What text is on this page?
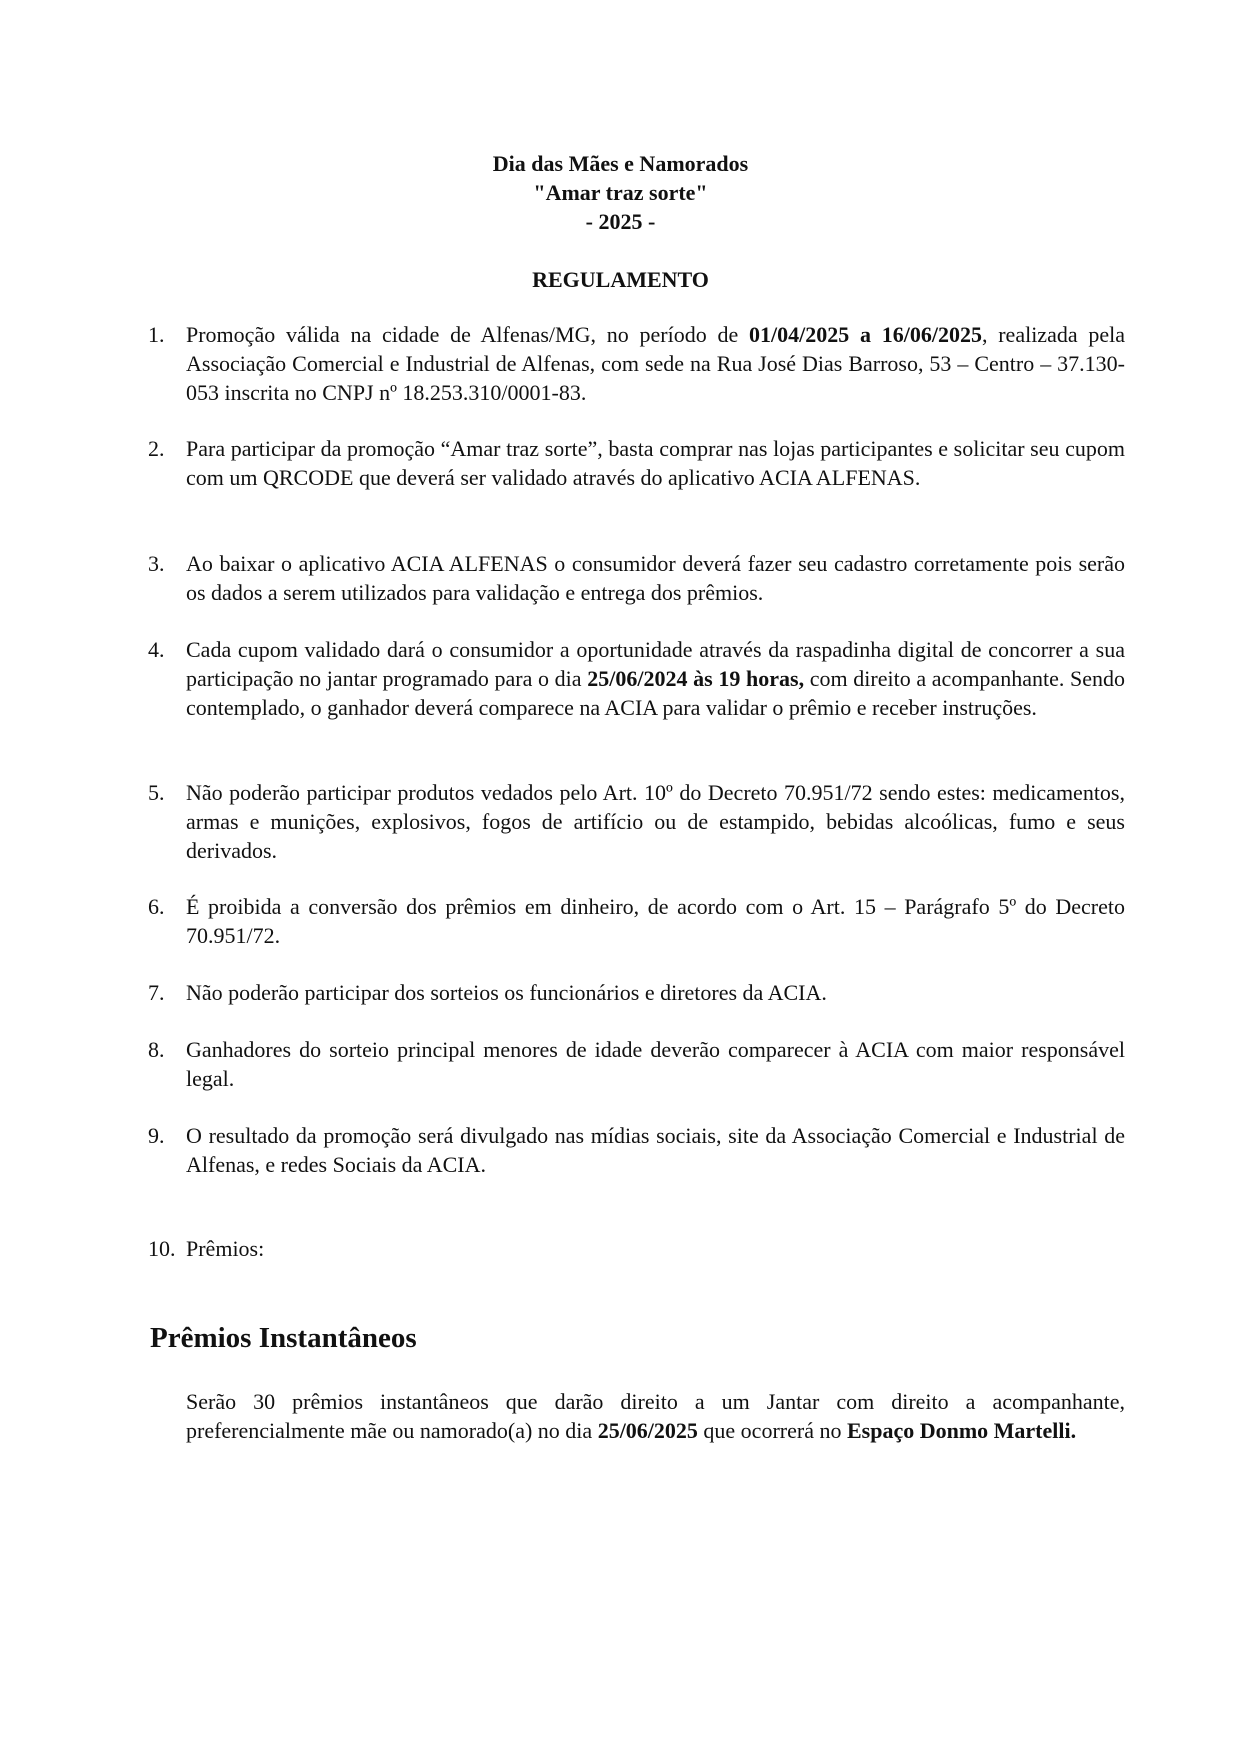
Dia das Mães e Namorados
"Amar traz sorte"
- 2025 -
REGULAMENTO
1. Promoção válida na cidade de Alfenas/MG, no período de 01/04/2025 a 16/06/2025, realizada pela Associação Comercial e Industrial de Alfenas, com sede na Rua José Dias Barroso, 53 – Centro – 37.130-053 inscrita no CNPJ nº 18.253.310/0001-83.
2. Para participar da promoção “Amar traz sorte”, basta comprar nas lojas participantes e solicitar seu cupom com um QRCODE que deverá ser validado através do aplicativo ACIA ALFENAS.
3. Ao baixar o aplicativo ACIA ALFENAS o consumidor deverá fazer seu cadastro corretamente pois serão os dados a serem utilizados para validação e entrega dos prêmios.
4. Cada cupom validado dará o consumidor a oportunidade através da raspadinha digital de concorrer a sua participação no jantar programado para o dia 25/06/2024 às 19 horas, com direito a acompanhante. Sendo contemplado, o ganhador deverá comparece na ACIA para validar o prêmio e receber instruções.
5. Não poderão participar produtos vedados pelo Art. 10º do Decreto 70.951/72 sendo estes: medicamentos, armas e munições, explosivos, fogos de artifício ou de estampido, bebidas alcoólicas, fumo e seus derivados.
6. É proibida a conversão dos prêmios em dinheiro, de acordo com o Art. 15 – Parágrafo 5º do Decreto 70.951/72.
7. Não poderão participar dos sorteios os funcionários e diretores da ACIA.
8. Ganhadores do sorteio principal menores de idade deverão comparecer à ACIA com maior responsável legal.
9. O resultado da promoção será divulgado nas mídias sociais, site da Associação Comercial e Industrial de Alfenas, e redes Sociais da ACIA.
10. Prêmios:
Prêmios Instantâneos
Serão 30 prêmios instantâneos que darão direito a um Jantar com direito a acompanhante, preferencialmente mãe ou namorado(a) no dia 25/06/2025 que ocorrerá no Espaço Donmo Martelli.
